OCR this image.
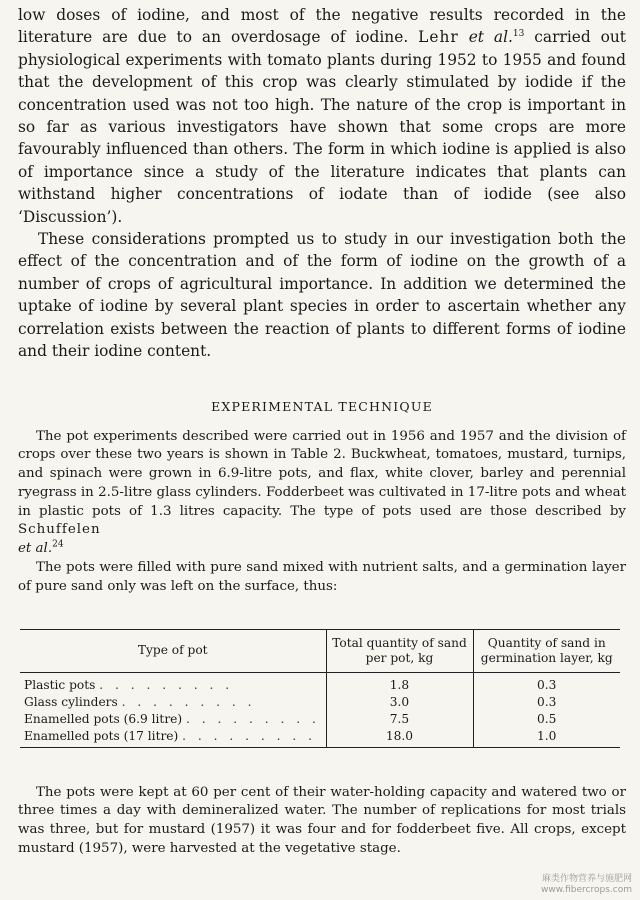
low doses of iodine, and most of the negative results recorded in the literature are due to an overdosage of iodine. Lehr et al.$^{13}$ carried out physiological experiments with tomato plants during 1952 to 1955 and found that the development of this crop was clearly stimulated by iodide if the concentration used was not too high. The nature of the crop is important in so far as various investigators have shown that some crops are more favourably influenced than others. The form in which iodine is applied is also of importance since a study of the literature indicates that plants can withstand higher concentrations of iodate than of iodide (see also ‘Discussion’).

These considerations prompted us to study in our investigation both the effect of the concentration and of the form of iodine on the growth of a number of crops of agricultural importance. In addition we determined the uptake of iodine by several plant species in order to ascertain whether any correlation exists between the reaction of plants to different forms of iodine and their iodine content.

EXPERIMENTAL TECHNIQUE

The pot experiments described were carried out in 1956 and 1957 and the division of crops over these two years is shown in Table 2. Buckwheat, tomatoes, mustard, turnips, and spinach were grown in 6.9-litre pots, and flax, white clover, barley and perennial ryegrass in 2.5-litre glass cylinders. Fodderbeet was cultivated in 17-litre pots and wheat in plastic pots of 1.3 litres capacity. The type of pots used are those described by Schuffelen
et al.$^{24}$

The pots were filled with pure sand mixed with nutrient salts, and a germination layer of pure sand only was left on the surface, thus:

Type of pot	Total quantity of sand per pot, kg	Quantity of sand in germination layer, kg
Plastic pots . . . . . . . . .	1.8	0.3
Glass cylinders . . . . . . . . .	3.0	0.3
Enamelled pots (6.9 litre) . . . . . . . . .	7.5	0.5
Enamelled pots (17 litre) . . . . . . . . .	18.0	1.0

The pots were kept at 60 per cent of their water-holding capacity and watered two or three times a day with demineralized water. The number of replications for most trials was three, but for mustard (1957) it was four and for fodderbeet five. All crops, except mustard (1957), were harvested at the vegetative stage.

麻类作物营养与施肥网
www.fibercrops.com
